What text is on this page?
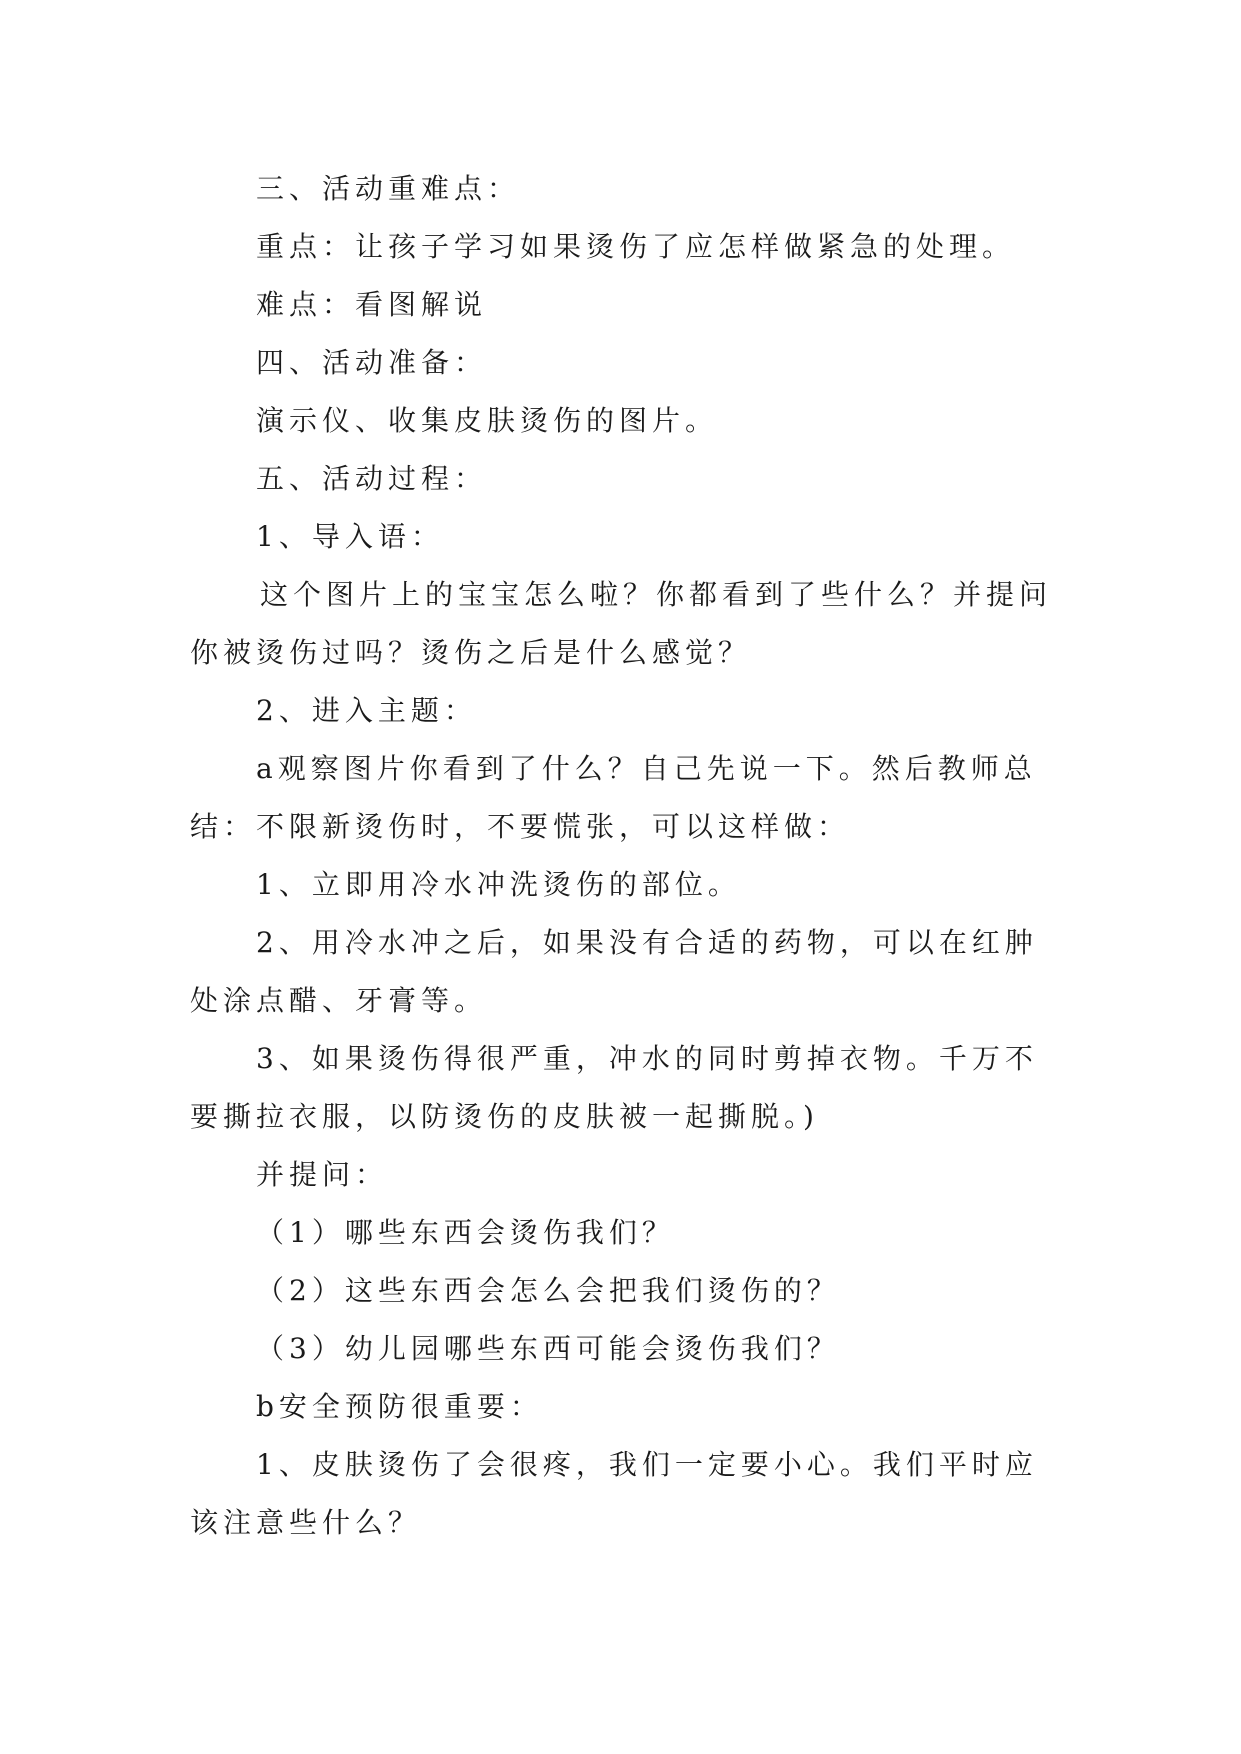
三、活动重难点：

重点：让孩子学习如果烫伤了应怎样做紧急的处理。

难点：看图解说

四、活动准备：

演示仪、收集皮肤烫伤的图片。

五、活动过程：

1、导入语：

这个图片上的宝宝怎么啦？你都看到了些什么？并提问你被烫伤过吗？烫伤之后是什么感觉？

2、进入主题：

a观察图片你看到了什么？自己先说一下。然后教师总结：不限新烫伤时，不要慌张，可以这样做：

1、立即用冷水冲洗烫伤的部位。

2、用冷水冲之后，如果没有合适的药物，可以在红肿处涂点醋、牙膏等。

3、如果烫伤得很严重，冲水的同时剪掉衣物。千万不要撕拉衣服，以防烫伤的皮肤被一起撕脱。)

并提问：

（1）哪些东西会烫伤我们？

（2）这些东西会怎么会把我们烫伤的？

（3）幼儿园哪些东西可能会烫伤我们？

b安全预防很重要：

1、皮肤烫伤了会很疼，我们一定要小心。我们平时应该注意些什么？
